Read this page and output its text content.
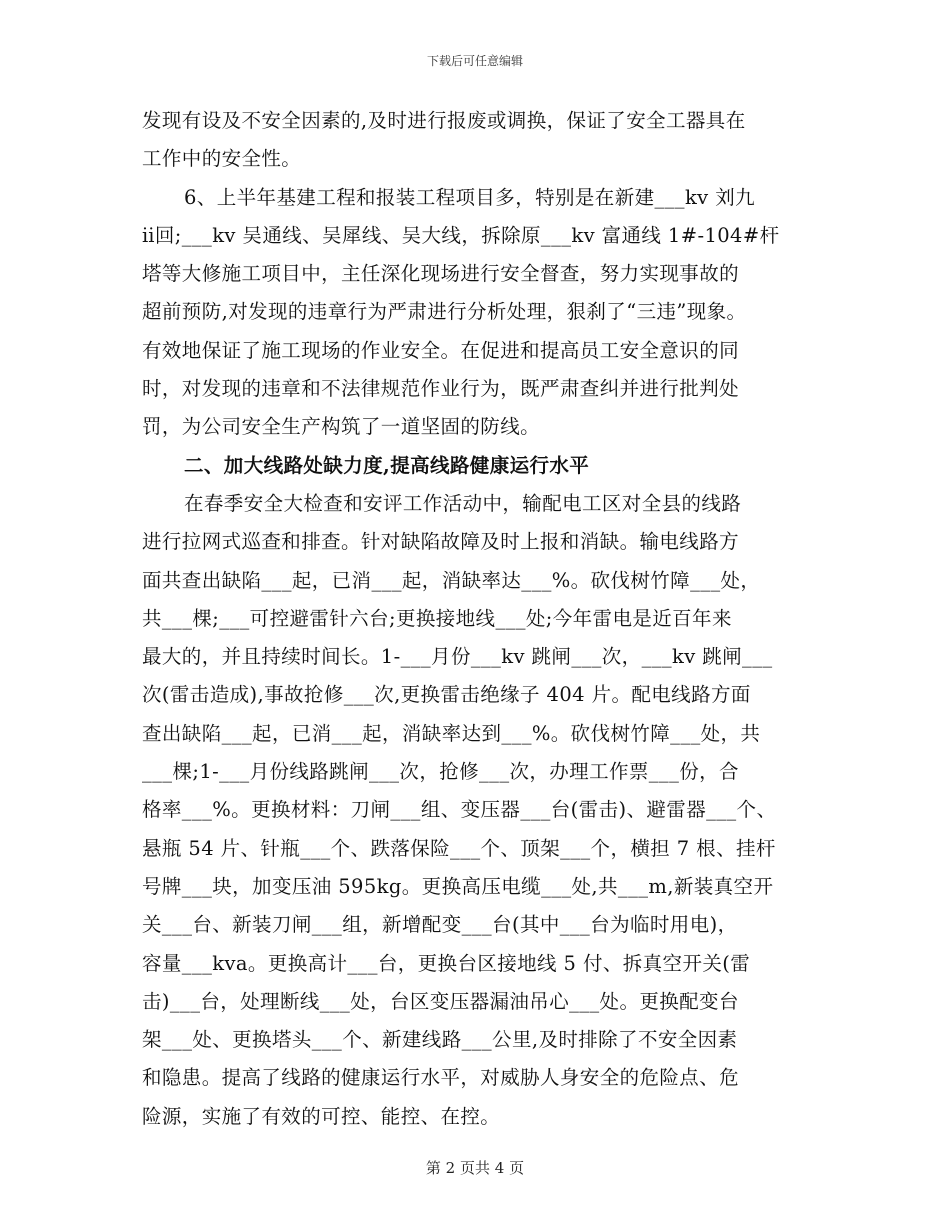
下载后可任意编辑
发现有设及不安全因素的,及时进行报废或调换，保证了安全工器具在
工作中的安全性。
6、上半年基建工程和报装工程项目多，特别是在新建___kv 刘九
ⅱ回;___kv 吴通线、吴犀线、吴大线，拆除原___kv 富通线 1#-104#杆
塔等大修施工项目中，主任深化现场进行安全督查，努力实现事故的
超前预防,对发现的违章行为严肃进行分析处理，狠刹了“三违”现象。
有效地保证了施工现场的作业安全。在促进和提高员工安全意识的同
时，对发现的违章和不法律规范作业行为，既严肃查纠并进行批判处
罚，为公司安全生产构筑了一道坚固的防线。
二、加大线路处缺力度,提高线路健康运行水平
在春季安全大检查和安评工作活动中，输配电工区对全县的线路
进行拉网式巡查和排查。针对缺陷故障及时上报和消缺。输电线路方
面共查出缺陷___起，已消___起，消缺率达___%。砍伐树竹障___处，
共___棵;___可控避雷针六台;更换接地线___处;今年雷电是近百年来
最大的，并且持续时间长。1-___月份___kv 跳闸___次，___kv 跳闸___
次(雷击造成),事故抢修___次,更换雷击绝缘子 404 片。配电线路方面
查出缺陷___起，已消___起，消缺率达到___%。砍伐树竹障___处，共
___棵;1-___月份线路跳闸___次，抢修___次，办理工作票___份，合
格率___%。更换材料：刀闸___组、变压器___台(雷击)、避雷器___个、
悬瓶 54 片、针瓶___个、跌落保险___个、顶架___个，横担 7 根、挂杆
号牌___块，加变压油 595kg。更换高压电缆___处,共___m,新装真空开
关___台、新装刀闸___组，新增配变___台(其中___台为临时用电)，
容量___kva。更换高计___台，更换台区接地线 5 付、拆真空开关(雷
击)___台，处理断线___处，台区变压器漏油吊心___处。更换配变台
架___处、更换塔头___个、新建线路___公里,及时排除了不安全因素
和隐患。提高了线路的健康运行水平，对威胁人身安全的危险点、危
险源，实施了有效的可控、能控、在控。
第 2 页共 4 页
